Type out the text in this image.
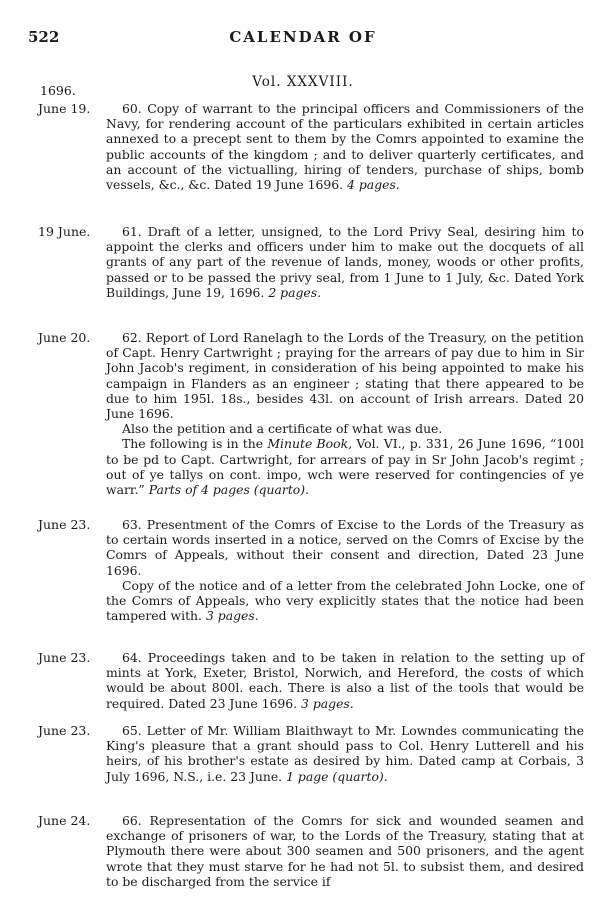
522	CALENDAR OF
Vol. XXXVIII.
1696.
June 19.	60. Copy of warrant to the principal officers and Commissioners of the Navy, for rendering account of the particulars exhibited in certain articles annexed to a precept sent to them by the Comrs appointed to examine the public accounts of the kingdom ; and to deliver quarterly certificates, and an account of the victualling, hiring of tenders, purchase of ships, bomb vessels, &c., &c. Dated 19 June 1696. 4 pages.

19 June.	61. Draft of a letter, unsigned, to the Lord Privy Seal, desiring him to appoint the clerks and officers under him to make out the docquets of all grants of any part of the revenue of lands, money, woods or other profits, passed or to be passed the privy seal, from 1 June to 1 July, &c. Dated York Buildings, June 19, 1696. 2 pages.

June 20.	62. Report of Lord Ranelagh to the Lords of the Treasury, on the petition of Capt. Henry Cartwright ; praying for the arrears of pay due to him in Sir John Jacob's regiment, in consideration of his being appointed to make his campaign in Flanders as an engineer ; stating that there appeared to be due to him 195l. 18s., besides 43l. on account of Irish arrears. Dated 20 June 1696.

Also the petition and a certificate of what was due.

The following is in the Minute Book, Vol. VI., p. 331, 26 June 1696, “100l to be pd to Capt. Cartwright, for arrears of pay in Sr John Jacob's regimt ; out of ye tallys on cont. impo, wch were reserved for contingencies of ye warr.” Parts of 4 pages (quarto).

June 23.	63. Presentment of the Comrs of Excise to the Lords of the Treasury as to certain words inserted in a notice, served on the Comrs of Excise by the Comrs of Appeals, without their consent and direction, Dated 23 June 1696.

Copy of the notice and of a letter from the celebrated John Locke, one of the Comrs of Appeals, who very explicitly states that the notice had been tampered with. 3 pages.

June 23.	64. Proceedings taken and to be taken in relation to the setting up of mints at York, Exeter, Bristol, Norwich, and Hereford, the costs of which would be about 800l. each. There is also a list of the tools that would be required. Dated 23 June 1696. 3 pages.

June 23.	65. Letter of Mr. William Blaithwayt to Mr. Lowndes communicating the King's pleasure that a grant should pass to Col. Henry Lutterell and his heirs, of his brother's estate as desired by him. Dated camp at Corbais, 3 July 1696, N.S., i.e. 23 June. 1 page (quarto).

June 24.	66. Representation of the Comrs for sick and wounded seamen and exchange of prisoners of war, to the Lords of the Treasury, stating that at Plymouth there were about 300 seamen and 500 prisoners, and the agent wrote that they must starve for he had not 5l. to subsist them, and desired to be discharged from the service if
